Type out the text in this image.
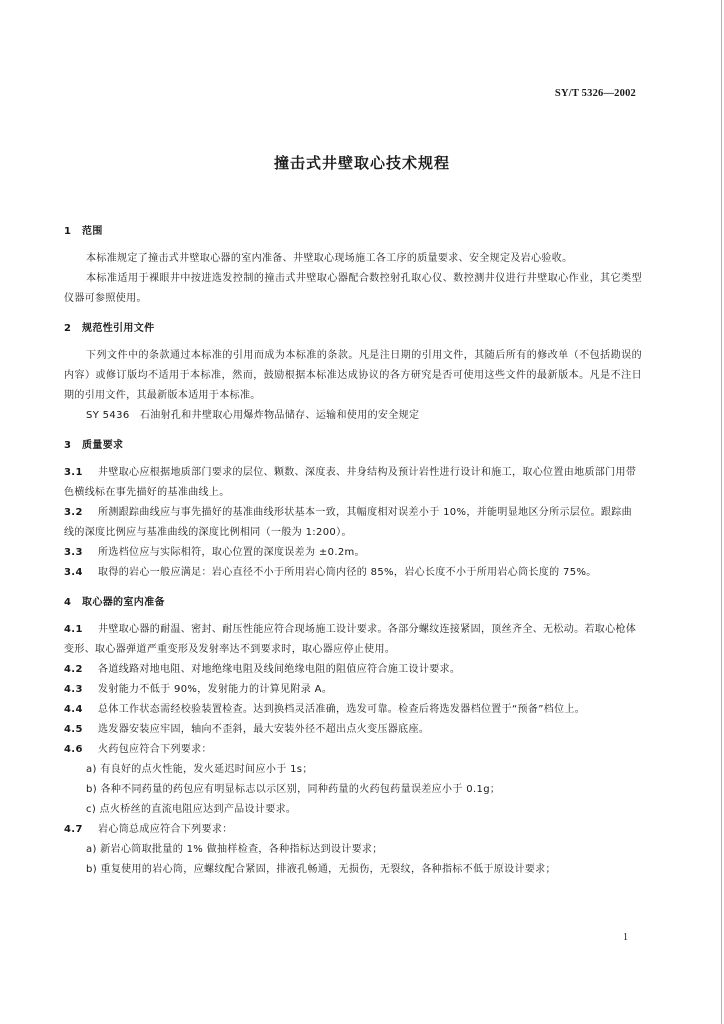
SY/T 5326—2002
撞击式井壁取心技术规程
1 范围

本标准规定了撞击式井壁取心器的室内准备、井壁取心现场施工各工序的质量要求、安全规定及岩心验收。

本标准适用于裸眼井中按进选发控制的撞击式井壁取心器配合数控射孔取心仪、数控测井仪进行井壁取心作业，其它类型仪器可参照使用。

2 规范性引用文件

下列文件中的条款通过本标准的引用而成为本标准的条款。凡是注日期的引用文件，其随后所有的修改单（不包括勘误的内容）或修订版均不适用于本标准，然而，鼓励根据本标准达成协议的各方研究是否可使用这些文件的最新版本。凡是不注日期的引用文件，其最新版本适用于本标准。

SY 5436　石油射孔和井壁取心用爆炸物品储存、运输和使用的安全规定

3 质量要求

3.1 井壁取心应根据地质部门要求的层位、颗数、深度表、井身结构及预计岩性进行设计和施工，取心位置由地质部门用带色横线标在事先描好的基准曲线上。

3.2 所测跟踪曲线应与事先描好的基准曲线形状基本一致，其幅度相对误差小于 10%，并能明显地区分所示层位。跟踪曲线的深度比例应与基准曲线的深度比例相同（一般为 1:200）。

3.3 所选档位应与实际相符，取心位置的深度误差为 ±0.2m。

3.4 取得的岩心一般应满足：岩心直径不小于所用岩心筒内径的 85%，岩心长度不小于所用岩心筒长度的 75%。

4 取心器的室内准备

4.1 井壁取心器的耐温、密封、耐压性能应符合现场施工设计要求。各部分螺纹连接紧固，顶丝齐全、无松动。若取心枪体变形、取心器弹道严重变形及发射率达不到要求时，取心器应停止使用。

4.2 各道线路对地电阻、对地绝缘电阻及线间绝缘电阻的阻值应符合施工设计要求。

4.3 发射能力不低于 90%，发射能力的计算见附录 A。

4.4 总体工作状态需经校验装置检查。达到换档灵活准确，选发可靠。检查后将选发器档位置于“预备”档位上。

4.5 选发器安装应牢固，轴向不歪斜，最大安装外径不超出点火变压器底座。

4.6 火药包应符合下列要求：

a) 有良好的点火性能，发火延迟时间应小于 1s；

b) 各种不同药量的药包应有明显标志以示区别，同种药量的火药包药量误差应小于 0.1g；

c) 点火桥丝的直流电阻应达到产品设计要求。

4.7 岩心筒总成应符合下列要求：

a) 新岩心筒取批量的 1% 做抽样检查，各种指标达到设计要求；

b) 重复使用的岩心筒，应螺纹配合紧固，排液孔畅通，无损伤，无裂纹，各种指标不低于原设计要求；

1
